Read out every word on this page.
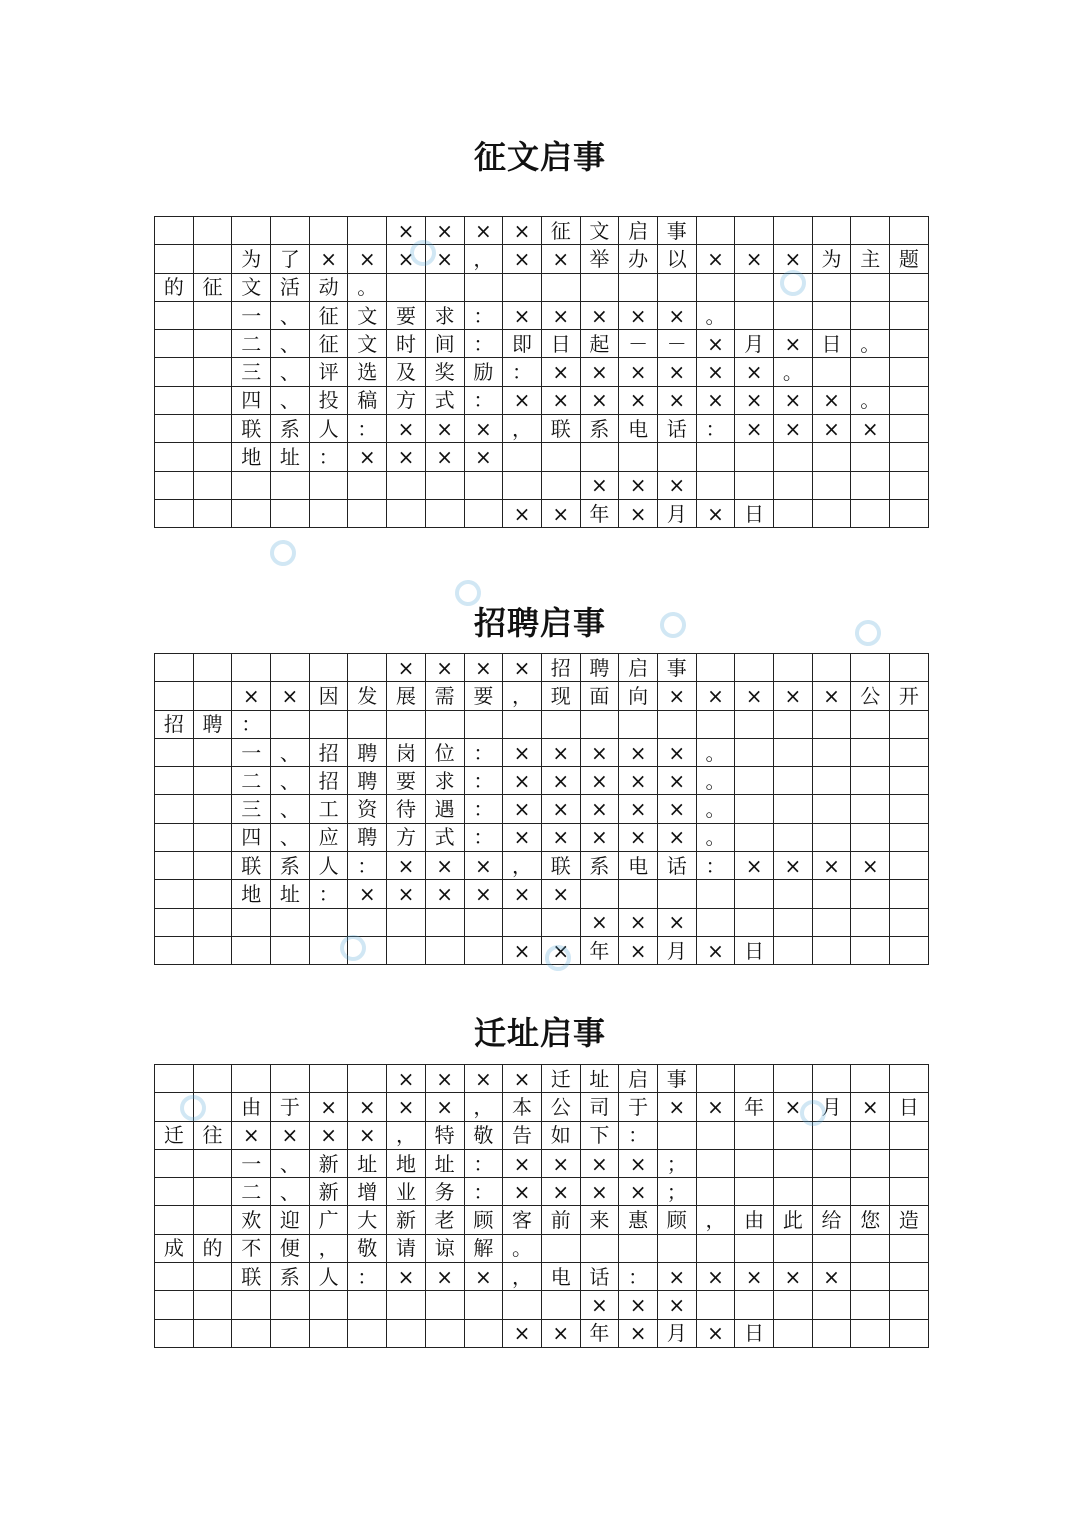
征文启事
						×	×	×	×	征	文	启	事						
		为	了	×	×	×	×	，	×	×	举	办	以	×	×	×	为	主	题
的	征	文	活	动	。														
		一	、	征	文	要	求	：	×	×	×	×	×	。					
		二	、	征	文	时	间	：	即	日	起	－	－	×	月	×	日	。	
		三	、	评	选	及	奖	励	：	×	×	×	×	×	×	。			
		四	、	投	稿	方	式	：	×	×	×	×	×	×	×	×	×	。	
		联	系	人	：	×	×	×	，	联	系	电	话	：	×	×	×	×	
		地	址	：	×	×	×	×											
											×	×	×						
									×	×	年	×	月	×	日				
招聘启事
						×	×	×	×	招	聘	启	事						
		×	×	因	发	展	需	要	，	现	面	向	×	×	×	×	×	公	开
招	聘	：																	
		一	、	招	聘	岗	位	：	×	×	×	×	×	。					
		二	、	招	聘	要	求	：	×	×	×	×	×	。					
		三	、	工	资	待	遇	：	×	×	×	×	×	。					
		四	、	应	聘	方	式	：	×	×	×	×	×	。					
		联	系	人	：	×	×	×	，	联	系	电	话	：	×	×	×	×	
		地	址	：	×	×	×	×	×	×									
											×	×	×						
									×	×	年	×	月	×	日				
迁址启事
						×	×	×	×	迁	址	启	事						
		由	于	×	×	×	×	，	本	公	司	于	×	×	年	×	月	×	日
迁	往	×	×	×	×	，	特	敬	告	如	下	：							
		一	、	新	址	地	址	：	×	×	×	×	；						
		二	、	新	增	业	务	：	×	×	×	×	；						
		欢	迎	广	大	新	老	顾	客	前	来	惠	顾	，	由	此	给	您	造
成	的	不	便	，	敬	请	谅	解	。										
		联	系	人	：	×	×	×	，	电	话	：	×	×	×	×	×		
											×	×	×						
									×	×	年	×	月	×	日				
